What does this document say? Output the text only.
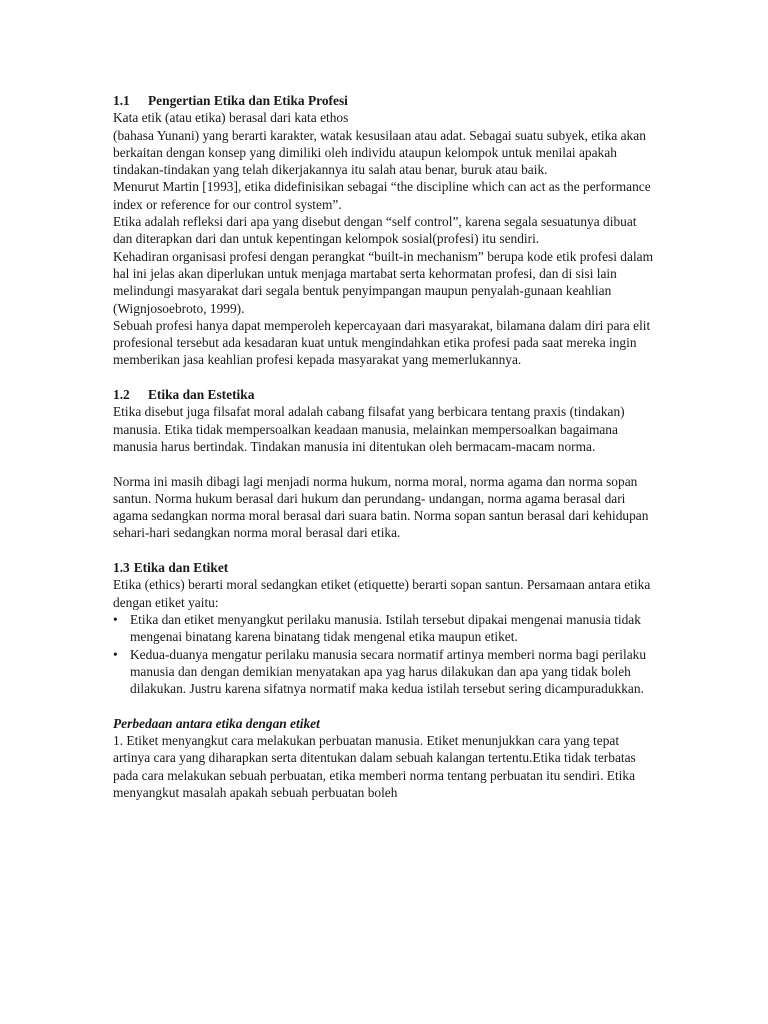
1.1 Pengertian Etika dan Etika Profesi

Kata etik (atau etika) berasal dari kata ethos

(bahasa Yunani) yang berarti karakter, watak kesusilaan atau adat. Sebagai suatu subyek, etika akan berkaitan dengan konsep yang dimiliki oleh individu ataupun kelompok untuk menilai apakah tindakan-tindakan yang telah dikerjakannya itu salah atau benar, buruk atau baik.

Menurut Martin [1993], etika didefinisikan sebagai “the discipline which can act as the performance index or reference for our control system”.

Etika adalah refleksi dari apa yang disebut dengan “self control”, karena segala sesuatunya dibuat dan diterapkan dari dan untuk kepentingan kelompok sosial(profesi) itu sendiri.

Kehadiran organisasi profesi dengan perangkat “built-in mechanism” berupa kode etik profesi dalam hal ini jelas akan diperlukan untuk menjaga martabat serta kehormatan profesi, dan di sisi lain melindungi masyarakat dari segala bentuk penyimpangan maupun penyalah-gunaan keahlian (Wignjosoebroto, 1999).

Sebuah profesi hanya dapat memperoleh kepercayaan dari masyarakat, bilamana dalam diri para elit profesional tersebut ada kesadaran kuat untuk mengindahkan etika profesi pada saat mereka ingin memberikan jasa keahlian profesi kepada masyarakat yang memerlukannya.

1.2 Etika dan Estetika

Etika disebut juga filsafat moral adalah cabang filsafat yang berbicara tentang praxis (tindakan) manusia. Etika tidak mempersoalkan keadaan manusia, melainkan mempersoalkan bagaimana manusia harus bertindak. Tindakan manusia ini ditentukan oleh bermacam-macam norma.

Norma ini masih dibagi lagi menjadi norma hukum, norma moral, norma agama dan norma sopan santun. Norma hukum berasal dari hukum dan perundang- undangan, norma agama berasal dari agama sedangkan norma moral berasal dari suara batin. Norma sopan santun berasal dari kehidupan sehari-hari sedangkan norma moral berasal dari etika.

1.3 Etika dan Etiket

Etika (ethics) berarti moral sedangkan etiket (etiquette) berarti sopan santun. Persamaan antara etika dengan etiket yaitu:

• Etika dan etiket menyangkut perilaku manusia. Istilah tersebut dipakai mengenai manusia tidak mengenai binatang karena binatang tidak mengenal etika maupun etiket.
• Kedua-duanya mengatur perilaku manusia secara normatif artinya memberi norma bagi perilaku manusia dan dengan demikian menyatakan apa yag harus dilakukan dan apa yang tidak boleh dilakukan. Justru karena sifatnya normatif maka kedua istilah tersebut sering dicampuradukkan.

Perbedaan antara etika dengan etiket

1. Etiket menyangkut cara melakukan perbuatan manusia. Etiket menunjukkan cara yang tepat artinya cara yang diharapkan serta ditentukan dalam sebuah kalangan tertentu.Etika tidak terbatas pada cara melakukan sebuah perbuatan, etika memberi norma tentang perbuatan itu sendiri. Etika menyangkut masalah apakah sebuah perbuatan boleh
